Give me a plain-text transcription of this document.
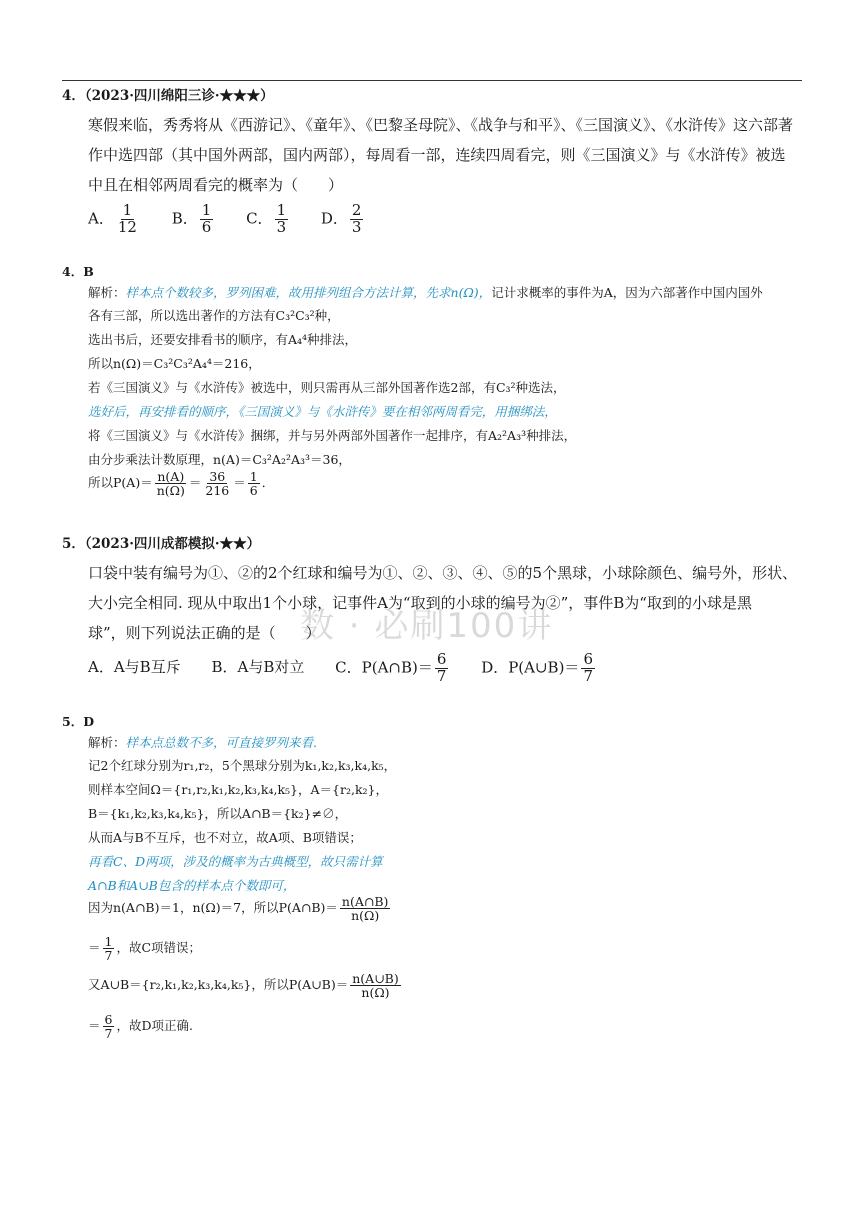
数 · 必刷100讲
4．（2023·四川绵阳三诊·★★★）
寒假来临，秀秀将从《西游记》、《童年》、《巴黎圣母院》、《战争与和平》、《三国演义》、《水浒传》这六部著
作中选四部（其中国外两部，国内两部），每周看一部，连续四周看完，则《三国演义》与《水浒传》被选
中且在相邻两周看完的概率为（　　）
A． $\frac{1}{12}$ B． $\frac{1}{6}$ C． $\frac{1}{3}$ D． $\frac{2}{3}$
4．B
解析：样本点个数较多，罗列困难，故用排列组合方法计算，先求n(Ω)，记计求概率的事件为A，因为六部著作中国内国外
各有三部，所以选出著作的方法有C₃²C₃²种，
选出书后，还要安排看书的顺序，有A₄⁴种排法，
所以n(Ω)＝C₃²C₃²A₄⁴＝216，
若《三国演义》与《水浒传》被选中，则只需再从三部外国著作选2部，有C₃²种选法，
选好后，再安排看的顺序，《三国演义》与《水浒传》要在相邻两周看完，用捆绑法，
将《三国演义》与《水浒传》捆绑，并与另外两部外国著作一起排序，有A₂²A₃³种排法，
由分步乘法计数原理，n(A)＝C₃²A₂²A₃³＝36，
所以$P(A)= \frac{n(A)}{n(\Omega)} = \frac{36}{216} = \frac{1}{6}$ ．
5．（2023·四川成都模拟·★★）
口袋中装有编号为①、②的2个红球和编号为①、②、③、④、⑤的5个黑球，小球除颜色、编号外，形状、
大小完全相同. 现从中取出1个小球，记事件A为“取到的小球的编号为②”，事件B为“取到的小球是黑
球”，则下列说法正确的是（　　）
A．A与B互斥 B．A与B对立 C．P(A∩B)＝ $\frac{6}{7}$ D．P(A∪B)＝ $\frac{6}{7}$
5．D
解析：样本点总数不多，可直接罗列来看.
记2个红球分别为r₁,r₂，5个黑球分别为k₁,k₂,k₃,k₄,k₅，
则样本空间Ω＝{r₁,r₂,k₁,k₂,k₃,k₄,k₅}，A＝{r₂,k₂}，
B＝{k₁,k₂,k₃,k₄,k₅}，所以A∩B＝{k₂}≠∅，
从而A与B不互斥，也不对立，故A项、B项错误；
再看C、D两项，涉及的概率为古典概型，故只需计算
A∩B和A∪B包含的样本点个数即可，
因为n(A∩B)＝1，n(Ω)＝7，所以P(A∩B)＝ $\frac{n(A\cap B)}{n(\Omega)}$
＝ $\frac{1}{7}$ ，故C项错误；
又A∪B＝{r₂,k₁,k₂,k₃,k₄,k₅}，所以P(A∪B)＝ $\frac{n(A\cup B)}{n(\Omega)}$
＝ $\frac{6}{7}$ ，故D项正确.
